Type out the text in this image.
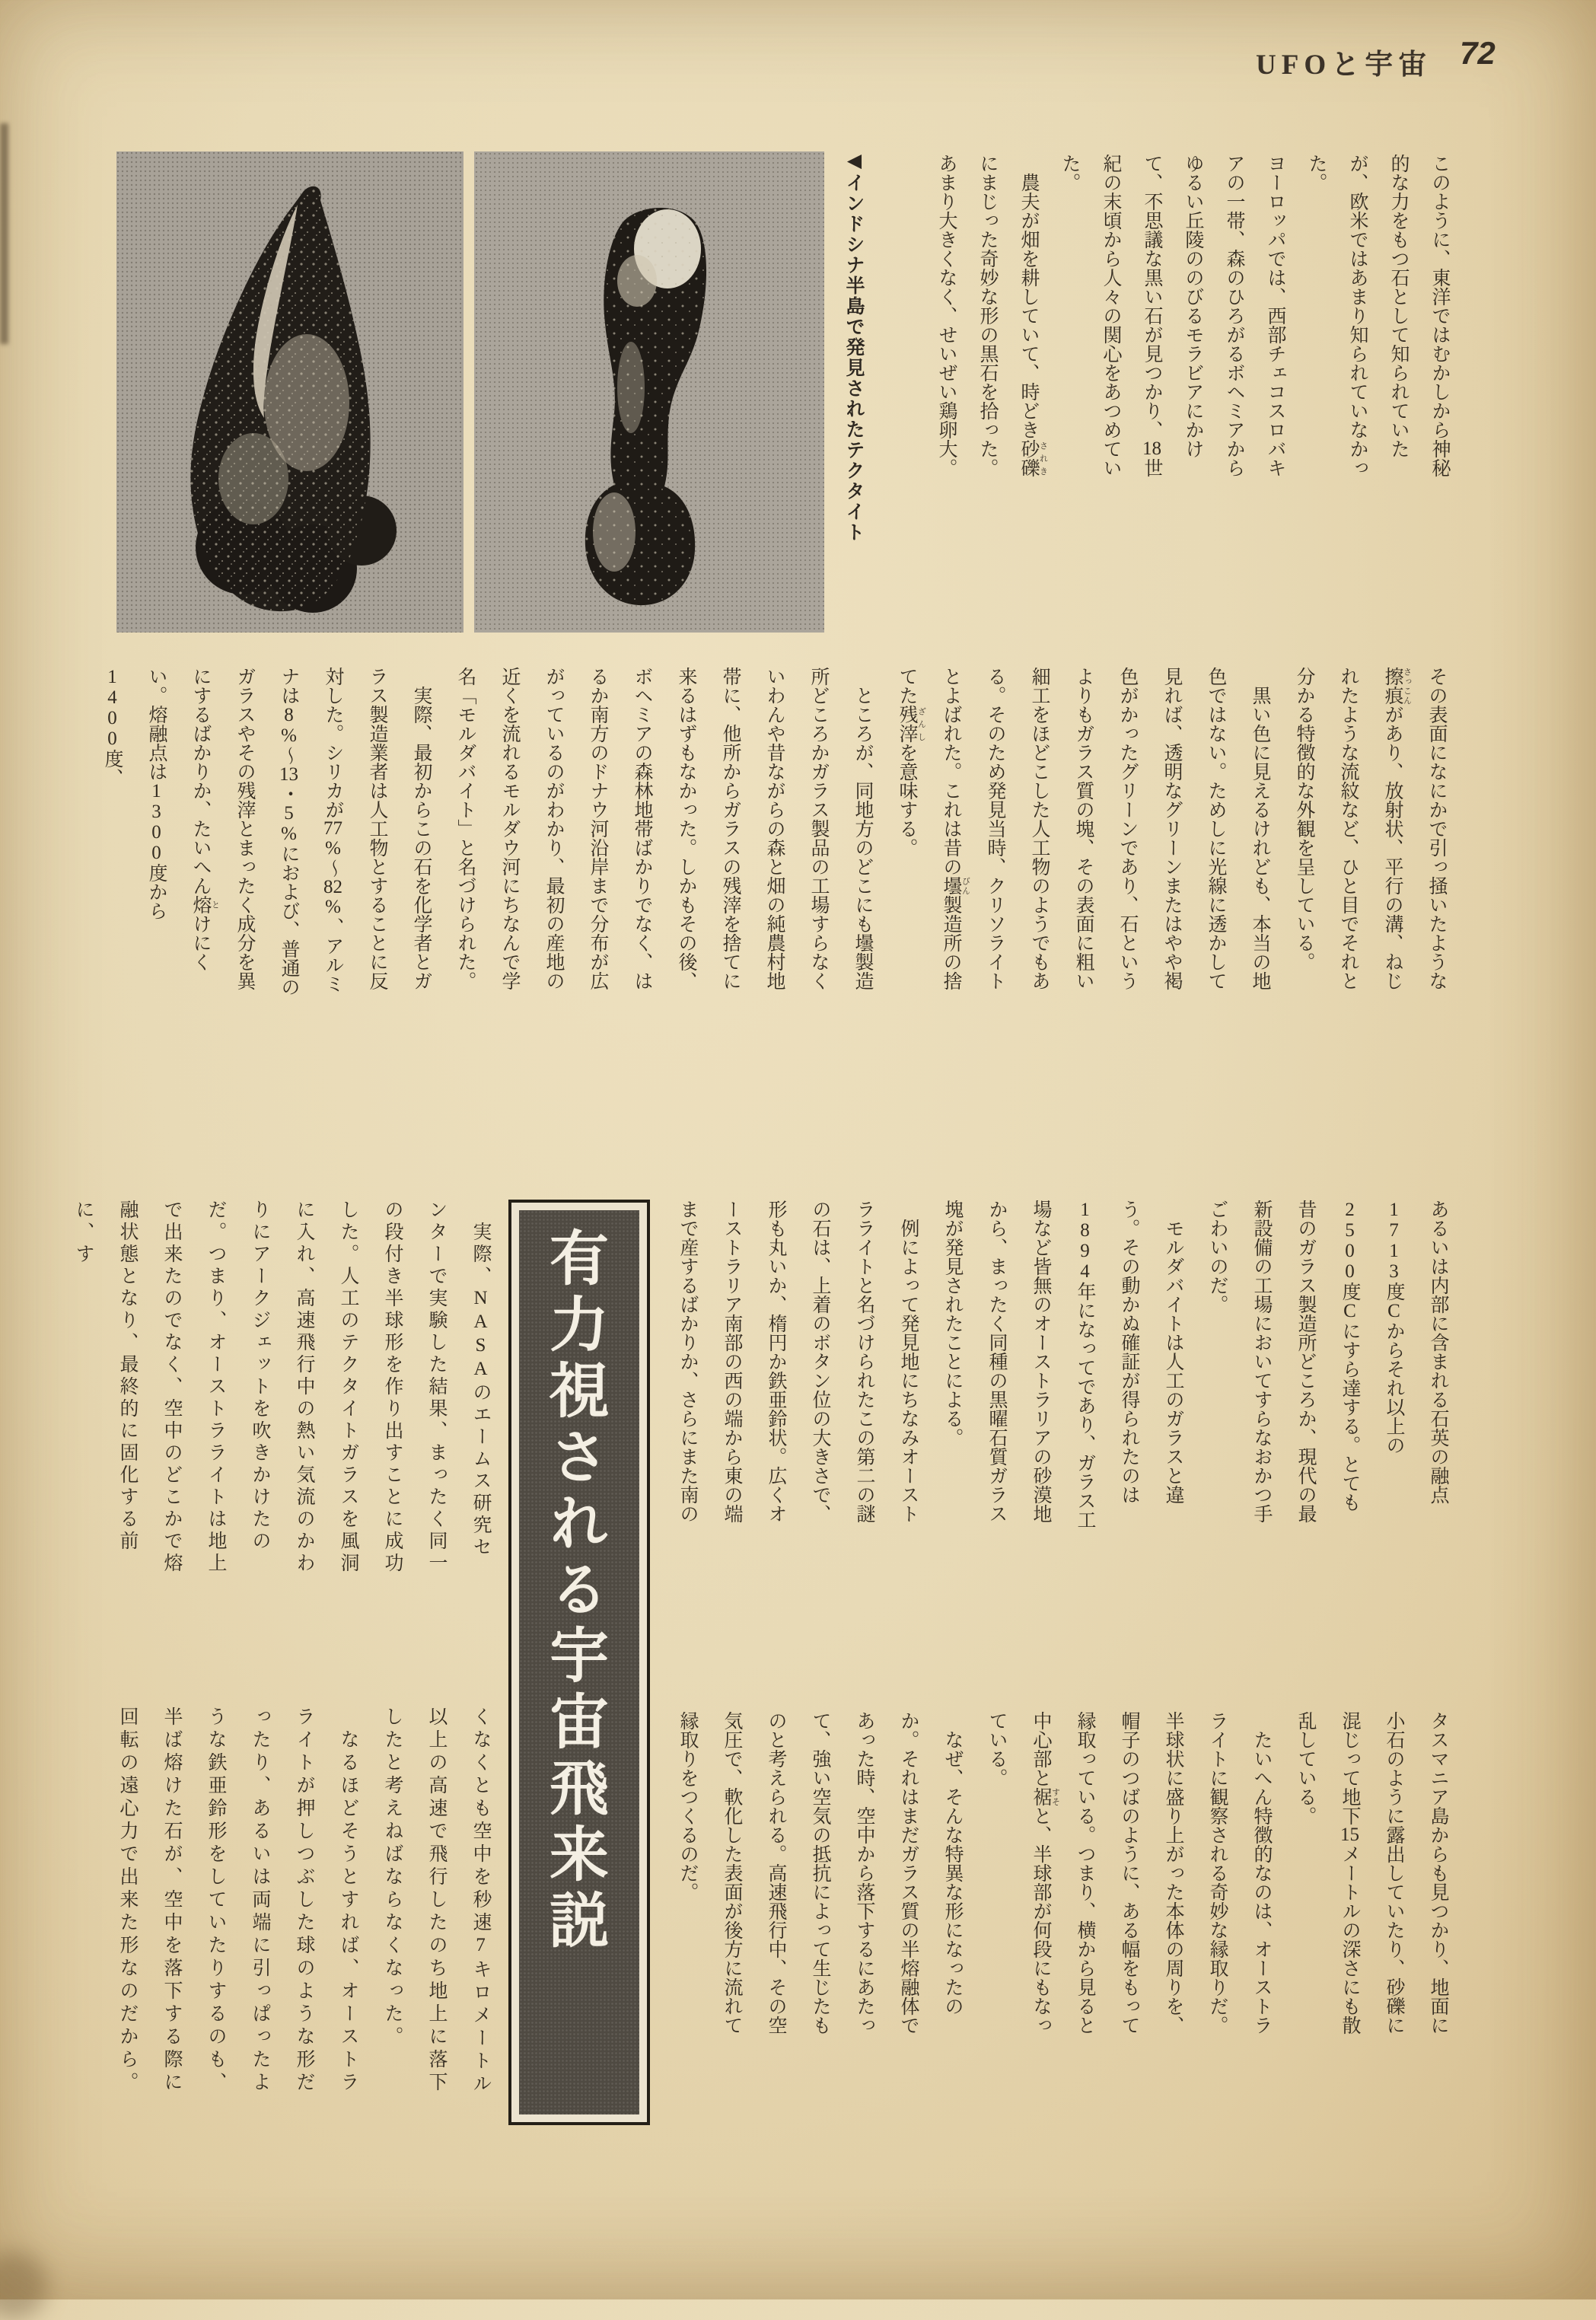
UFOと宇宙 72
◀インドシナ半島で発見されたテクタイト	このように、東洋ではむかしから神秘的な力をもつ石として知られていたが、欧米ではあまり知られていなかった。

ヨーロッパでは、西部チェコスロバキアの一帯、森のひろがるボヘミアからゆるい丘陵ののびるモラビアにかけて、不思議な黒い石が見つかり、18世紀の末頃から人々の関心をあつめていた。

　農夫が畑を耕していて、時どき砂礫 されきにまじった奇妙な形の黒石を拾った。あまり大きくなく、せいぜい鶏卵大。

その表面になにかで引っ掻いたような擦痕 さっこんがあり、放射状、平行の溝、ねじれたような流紋など、ひと目でそれと分かる特徴的な外観を呈している。

　黒い色に見えるけれども、本当の地色ではない。ためしに光線に透かして見れば、透明なグリーンまたはやや褐色がかったグリーンであり、石というよりもガラス質の塊、その表面に粗い細工をほどこした人工物のようでもある。そのため発見当時、クリソライトとよばれた。これは昔の壜 びん製造所の捨てた残滓 ざんしを意味する。

　ところが、同地方のどこにも壜製造所どころかガラス製品の工場すらなくいわんや昔ながらの森と畑の純農村地帯に、他所からガラスの残滓を捨てに来るはずもなかった。しかもその後、ボヘミアの森林地帯ばかりでなく、はるか南方のドナウ河沿岸まで分布が広がっているのがわかり、最初の産地の近くを流れるモルダウ河にちなんで学名「モルダバイト」と名づけられた。

　実際、最初からこの石を化学者とガラス製造業者は人工物とすることに反対した。シリカが77%〜82%、アルミナは8%〜13・5%におよび、普通のガラスやその残滓とまったく成分を異にするばかりか、たいへん熔 とけにくい。熔融点は1300度から1400度、

あるいは内部に含まれる石英の融点1713度Cからそれ以上の2500度Cにすら達する。とても昔のガラス製造所どころか、現代の最新設備の工場においてすらなおかつ手ごわいのだ。

　モルダバイトは人工のガラスと違う。その動かぬ確証が得られたのは1894年になってであり、ガラス工場など皆無のオーストラリアの砂漠地から、まったく同種の黒曜石質ガラス塊が発見されたことによる。

　例によって発見地にちなみオーストラライトと名づけられたこの第二の謎の石は、上着のボタン位の大きさで、形も丸いか、楕円か鉄亜鈴状。広くオーストラリア南部の西の端から東の端まで産するばかりか、さらにまた南の

タスマニア島からも見つかり、地面に小石のように露出していたり、砂礫に混じって地下15メートルの深さにも散乱している。

　たいへん特徴的なのは、オーストラライトに観察される奇妙な縁取りだ。半球状に盛り上がった本体の周りを、帽子のつばのように、ある幅をもって縁取っている。つまり、横から見ると中心部と裾 すそと、半球部が何段にもなっている。

　なぜ、そんな特異な形になったのか。それはまだガラス質の半熔融体であった時、空中から落下するにあたって、強い空気の抵抗によって生じたものと考えられる。高速飛行中、その空気圧で、軟化した表面が後方に流れて縁取りをつくるのだ。

有力視される宇宙飛来説

　実際、NASAのエームス研究センターで実験した結果、まったく同一の段付き半球形を作り出すことに成功した。人工のテクタイトガラスを風洞に入れ、高速飛行中の熱い気流のかわりにアークジェットを吹きかけたのだ。つまり、オーストラライトは地上で出来たのでなく、空中のどこかで熔融状態となり、最終的に固化する前に、す

くなくとも空中を秒速7キロメートル以上の高速で飛行したのち地上に落下したと考えねばならなくなった。

　なるほどそうとすれば、オーストラライトが押しつぶした球のような形だったり、あるいは両端に引っぱったような鉄亜鈴形をしていたりするのも、半ば熔けた石が、空中を落下する際に回転の遠心力で出来た形なのだから。
